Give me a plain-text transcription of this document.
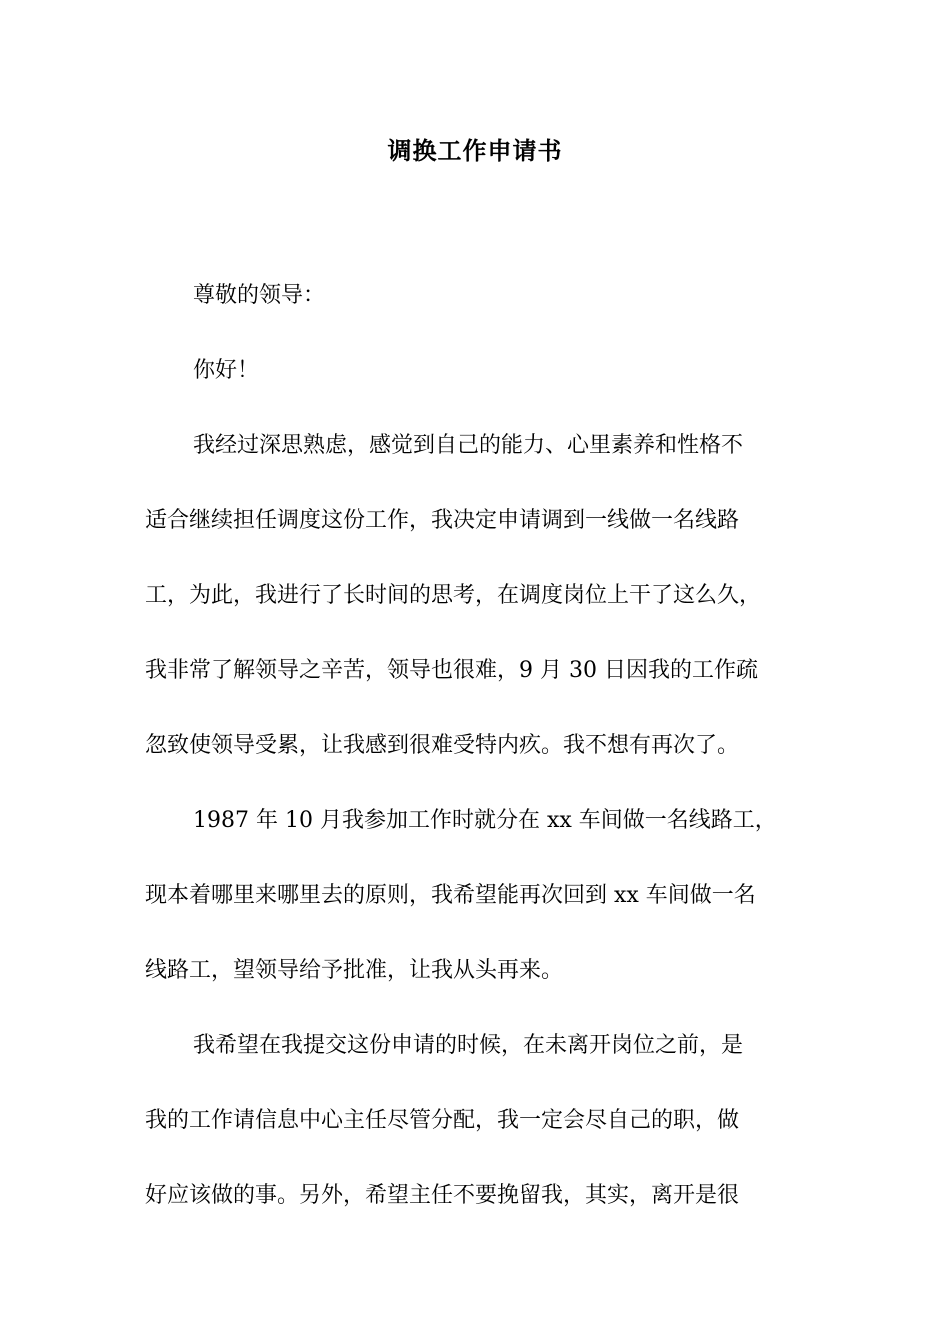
调换工作申请书
尊敬的领导：
你好！
我经过深思熟虑，感觉到自己的能力、心里素养和性格不
适合继续担任调度这份工作，我决定申请调到一线做一名线路
工，为此，我进行了长时间的思考，在调度岗位上干了这么久，
我非常了解领导之辛苦，领导也很难，9 月 30 日因我的工作疏
忽致使领导受累，让我感到很难受特内疚。我不想有再次了。
1987 年 10 月我参加工作时就分在 xx 车间做一名线路工，
现本着哪里来哪里去的原则，我希望能再次回到 xx 车间做一名
线路工，望领导给予批准，让我从头再来。
我希望在我提交这份申请的时候，在未离开岗位之前，是
我的工作请信息中心主任尽管分配，我一定会尽自己的职，做
好应该做的事。另外，希望主任不要挽留我，其实，离开是很
